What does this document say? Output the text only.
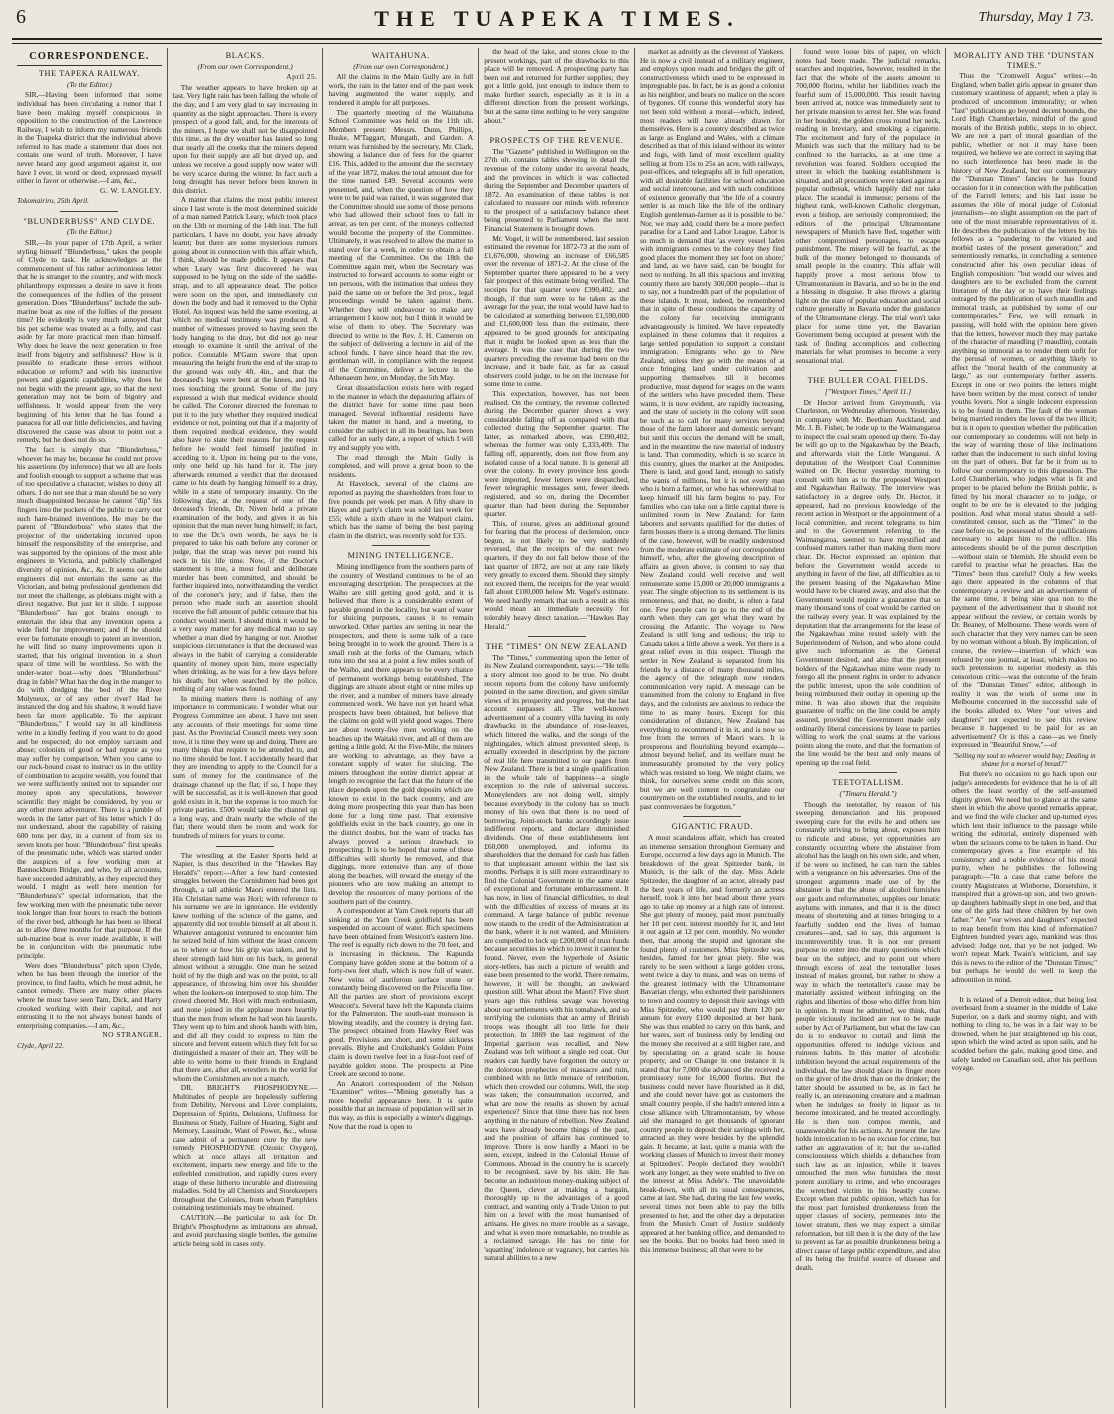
6	THE TUAPEKA TIMES.	Thursday, May 1 73.
CORRESPONDENCE.
THE TAPEKA RAILWAY.
(To the Editor.)

SIR,—Having been informed that some individual has been circulating a rumor that I have been making myself conspicuous in opposition to the construction of the Lawrence Railway, I wish to inform my numerous friends in the Tuapeka district that the individual above referred to has made a statement that does not contain one word of truth. Moreover, I have never heard any good argument against it, nor have I ever, in word or deed, expressed myself either in favor or otherwise.—I am, &c.,

G. W. LANGLEY.
Tokomairiro, 25th April.
"BLUNDERBUSS" AND CLYDE.
(To the Editor.)

SIR,—In your paper of 17th April, a writer styling himself "Blunderbuss," takes the people of Clyde to task. He acknowledges at the commencement of his rather acrimonious letter that he is stranger to the country, and with mock philanthropy expresses a desire to save it from the consequences of the follies of the present generation. Does "Blunderbuss" include the sub-marine boat as one of the follies of the present time? He evidently is very much annoyed that his pet scheme was treated as a folly, and cast aside by far more practical men than himself. Why does he leave the next generation to free itself from bigotry and selfishness? How is it possible to eradicate these errors without education or reform? and with his instructive powers and gigantic capabilities, why does he not begin with the present age, so that the next generation may not be born of bigotry and selfishness. It would appear from the very beginning of his letter that he has found a panacea for all our little deficiencies, and having discovered the cause was about to point out a remedy, but he does not do so.

The fact is simply that "Blunderbuss," whoever he may be, because he could not prove his assertions (by inference) that we all are fools and foolish enough to support a scheme that was of too speculative a character, wishes to deny all others. I do not see that a man should be so very much disappointed because he cannot "dip" his fingers into the pockets of the public to carry out such hare-brained inventions. He may be the parent of "Blunderbuss" who states that the projector of the undertaking incurred upon himself the responsibility of the enterprise, and was supported by the opinions of the most able engineers in Victoria, and publicly challenged diversity of opinion, &c., &c. It seems our able engineers did not entertain the same as the Victorian, and being professional gentlemen did not meet the challenge, as plebians might with a direct negative. But just let it slide. I suppose "Blunderbuss" has got brains enough to entertain the idea that any invention opens a wide field for improvement; and if he should ever be fortunate enough to patent an invention, he will find so many improvements upon it started, that his original invention in a short space of time will be worthless. So with the under-water boat—why does "Blunderbuss" drag in fable? What has the dog in the manger to do with dredging the bed of the River Molyneux, or of any other river? Had he instanced the dog and his shadow, it would have been far more applicable. To the aspirant "Blunderbuss," I would say in all kindliness write in a kindly feeling if you want to do good and be respected; do not employ sarcasm and abuse; colonists of good or bad repute as you may suffer by comparison. When you came to our rock-bound coast to instruct us in the utility of combination to acquire wealth, you found that we were sufficiently united not to squander our money upon any speculations, however scientific they might be considered, by you or any other mere adventurer. There is a jumble of words in the latter part of his letter which I do not understand, about the capability of raising 600 tons per day, in a current of from six to seven knots per hour. "Blunderbuss" first speaks of the pneumatic tube, which was started under the auspices of a few working men at Bannockburn Bridge, and who, by all accounts, have succeeded admirably, as they expected they would. I might as well here mention for "Blunderbuss's" special information, that the few working men with the pneumatic tube never took longer than four hours to reach the bottom of the river bed, although he has been so liberal as to allow three months for that purpose. If the sub-marine boat is ever made available, it will be in conjunction with the pneumatic tube principle.

Were does "Blunderbuss" pitch upon Clyde, when he has been through the interior of the province, to find faults, which he must admit, he cannot remedy. There are many other places where he must have seen Tam, Dick, and Harry crooked working with their capital, and not entrusting it to the not always honest hands of enterprising companies.—I am, &c.,

NO STRANGER.
Clyde, April 22.
BLACKS.
(From our own Correspondent.)
April 25.

The weather appears to have broken up at last. Very light rain has been falling the whole of the day, and I am very glad to say increasing in quantity as the night approaches. There is every prospect of a good fall, and, for the interests of the miners, I hope we shall not be disappointed this time, as the dry weather has lasted so long that nearly all the creeks that the miners depend upon for their supply are all but dryed up, and unless we receive a good supply now water will be very scarce during the winter. In fact such a long drought has never before been known in this district.

A matter that claims the most public interest since I last wrote is the most determined suicide of a man named Patrick Leary, which took place on the 13th or morning of the 14th inst. The full particulars, I have no doubt, you have already learnt; but there are some mysterious rumors going about in connection with this affair which, I think, should be made public. It appears that when Leary was first discovered he was supposed to be lying on the side of the saddle-strap, and to all appearance dead. The police were soon on the spot, and immediately cut down the body and had it removed to the Ophir Hotel. An inquest was held the same evening, at which no medical testimony was produced. A number of witnesses proved to having seen the body hanging to the dray, but did not go near enough to examine it until the arrival of the police. Constable M'Gann swore that upon measuring the height from the end of the strap to the ground was only 4ft. 4in., and that the deceased's legs were bent at the knees, and his toes touching the ground. Some of the jury expressed a wish that medical evidence should be called. The Coroner directed the foreman to put it to the jury whether they required medical evidence or not, pointing out that if a majority of them required medical evidence, they would also have to state their reasons for the request before he would feel himself justified in acceding to it. Upon its being put to the vote, only one held up his hand for it. The jury afterwards returned a verdict that the deceased came to his death by hanging himself to a dray, while in a state of temporary insanity. On the following day, at the request of one of the deceased's friends, Dr. Niven held a private examination of the body, and gives it as his opinion that the man never hung himself; in fact, to use the Dr.'s own words, he says he is prepared to take his oath before any coroner or judge, that the strap was never put round his neck in his life time. Now, if the Doctor's statement is true, a most foul and deliberate murder has been committed, and should be further inquired into, notwithstanding the verdict of the coroner's jury; and if false, then the person who made such an assertion should receive the full amount of public censure that his conduct would merit. I should think it would be a very easy matter for any medical man to say whether a man died by hanging or not. Another suspicious circumstance is that the deceased was always in the habit of carrying a considerable quantity of money upon him, more especially when drinking, as he was for a few days before his death; but when searched by the police, nothing of any value was found.

In mining matters there is nothing of any importance to communicate. I wonder what our Progress Committee are about. I have not seen any accounts of their meetings for some time past. As the Provincial Council meets very soon now, it is time they were up and doing. There are many things that require to be attended to, and no time should be lost. I accidentally heard that they are intending to apply to the Council for a sum of money for the continuance of the drainage channel up the flat; if so, I hope they will be successful, as it is well-known that good gold exists in it, but the expense is too much for private parties. £500 would take the channel up a long way, and drain nearly the whole of the flat; there would then be room and work for hundreds of miners for years to come.

The wrestling at the Easter Sports held at Napier, is thus described in the "Hawkes Bay Herald's" report:—After a few hard contested struggles between the Cornishmen had been got through, a tall athletic Maori entered the lists. His Christian name was Hori; with reference to his surname we are in ignorance. He evidently knew nothing of the science of the game, and apparently did not trouble himself at all about it. Whatever antagonist ventured to encounter him he seized hold of him without the least concern as to where or how his grip was taken, and by sheer strength laid him on his back, in general almost without a struggle. One man he seized hold of by the thigh and was on the point, to all appearance, of throwing him over his shoulder when the lookers-on interposed to stop him. The crowd cheered Mr. Hori with much enthusiasm, and none joined in the applause more heartily than the men from whom he had won his laurels. They went up to him and shook hands with him, and did all they could to express to him the sincere and fervent esteem which they felt for so distinguished a master of their art. They will be able to write home to their friends in England that there are, after all, wrestlers in the world for whom the Cornishmen are not a match.

DR. BRIGHT'S PHOSPHODYNE.—Multitudes of people are hopelessly suffering from Debility, Nervous and Liver complaints, Depression of Spirits, Delusions, Unfitness for Business or Study, Failure of Hearing, Sight and Memory, Lassitude, Want of Power, &c., whose case admit of a permanent cure by the new remedy PHOSPHODYNE (Ozonic Oxygen), which at once allays all irritation and excitement, imparts new energy and life to the enfeebled constitution, and rapidly cures every stage of these hitherto incurable and distressing maladies. Sold by all Chemists and Storekeepers throughout the Colonies, from whom Pamphlets containing testimonials may be obtained.

CAUTION.—Be particular to ask for Dr. Bright's Phosphodyne as imitations are abroad, and avoid purchasing single bottles, the genuine article being sold in cases only.

WAITAHUNA.
(From our own Correspondent.)

All the claims in the Main Gully are in full work, the rain in the latter end of the past week having augmented the water supply, and rendered it ample for all purposes.

The quarterly meeting of the Waitahuna School Committee was held on the 11th ult. Members present: Messrs. Dunn, Phillips, Buske, M'Taggart, Mungath, and Garden. A return was furnished by the secretary, Mr. Clark, showing a balance due of fees for the quarter £16. This, added to the amount due the secretary of the year 1872, makes the total amount due for the time named £49. Several accounts were presented, and, when the question of how they were to be paid was raised, it was suggested that the Committee should sue some of those persons who had allowed their school fees to fall in arrear, as ten per cent. of the moneys collected would become the property of the Committee. Ultimately, it was resolved to allow the matter to stand over for a week, in order to obtain a full meeting of the Committee. On the 18th the Committee again met, when the Secretary was instructed to forward accounts to some eight or ten persons, with the intimation that unless they paid the same on or before the 3rd prox., legal proceedings would be taken against them. Whether they will endeavour to make any arrangement I know not; but I think it would be wise of them to obey. The Secretary was directed to write to the Rev. J. H. Cameron on the subject of delivering a lecture in aid of the school funds. I have since heard that the rev. gentleman will, in compliance with the request of the Committee, deliver a lecture in the Athenaeum here, on Monday, the 5th May.

Great dissatisfaction exists here with regard to the manner in which the depasturing affairs of the district have for some time past been managed. Several influential residents have taken the matter in hand, and a meeting, to consider the subject in all its bearings, has been called for an early date, a report of which I will try and supply you with.

The road through the Main Gully is completed, and will prove a great boon to the residents.

At Havelock, several of the claims are reported as paying the shareholders from four to five pounds per week per man. A fifty share in Hayes and party's claim was sold last week for £55; while a sixth share in the Walpori claim, which has the name of being the best paying claim in the district, was recently sold for £35.

MINING INTELLIGENCE.

Mining intelligence from the southern parts of the country of Westland continues to be of an encouraging description. The prospectors at the Waiho are still getting good gold, and it is believed that there is a considerable extent of payable ground in the locality, but want of water for sluicing purposes, causes it to remain unworked. Other parties are setting in near the prospectors, and there is some talk of a race being brought in to work the ground. There is a small rush at the forks of the Oamaru, which runs into the sea at a point a few miles south of the Waiho, and there appears to be every chance of permanent workings being established. The diggings are situate about eight or nine miles up the river, and a number of miners have already commenced work. We have not yet heard what prospects have been obtained, but believe that the claims on gold will yield good wages. There are about twenty-five men working on the beaches up the Waitaki river, and all of them are getting a little gold. At the Five-Mile, the miners are working to advantage, as they have a constant supply of water for sluicing. The miners throughout the entire district appear at length to recognise the fact that the future of the place depends upon the gold deposits which are known to exist in the back country, and are doing more prospecting this year than has been done for a long time past. That extensive goldfields exist in the back country, go one in the district doubts, but the want of tracks has always proved a serious drawback to prospecting. It is to be hoped that some of these difficulties will shortly be removed, and that diggings, more extensive than any of those along the beaches, will reward the energy of the pioneers who are now making an attempt to develop the resources of many portions of the southern part of the country.

A correspondent at Yam Creek reports that all sinking at the Yam Creek goldfield has been suspended on account of water. Rich specimens have been obtained from Westcott's eastern line. The reef is equally rich down to the 70 feet, and is increasing in thickness. The Kapunda Company have golden stone at the bottom of a forty-two feet shaft, which is now full of water. New veins of auriferous surface stone or constantly being discovered on the Priscella line. All the parties are short of provisions except Westcott's. Several have left the Kapunda claims for the Palmerston. The south-east monsoon is blowing steadily, and the country is drying fast. The prospect obtained from Hawley Reef was good. Provisions are short, and some sickness prevails. Blyhe and Cruikshank's Golden Point claim is down twelve feet in a four-foot reef of payable golden stone. The prospects at Pine Creek are second to none.

An Anatori correspondent of the Nelson "Examiner" writes—"Mining generally has a more hopeful appearance here. It is quite possible that an increase of population will set in this way, as this is especially a winter's diggings. Now that the road is open to

the head of the lake, and stores close to the present workings, part of the drawbacks to this place will be removed. A prospecting party has been out and returned for further supplies; they got a little gold, just enough to induce them to make further search, especially as it is in a different direction from the present workings, but at the same time nothing to be very sanguine about."

PROSPECTS OF THE REVENUE.

The "Gazette" published in Wellington on the 27th ult. contains tables showing in detail the revenue of the colony under its several heads, and the provinces in which it was collected during the September and December quarters of 1872. An examination of these tables is not calculated to reassure our minds with reference to the prospect of a satisfactory balance sheet being presented to Parliament when the next Financial Statement is brought down.

Mr. Vogel, it will be remembered, last session estimated the revenue for 1872-73 at the sum of £1,676,000, showing an increase of £66,585 over the revenue of 1871-2. At the close of the September quarter there appeared to be a very fair prospect of this estimate being verified. The receipts for that quarter were £390,402, and though, if that sum were to be taken as the average for the year, the total would have had to be calculated at something between £1,590,000 and £1,600,000 less than the estimate, there appeared to be good grounds for anticipating that it might be looked upon as less than the average. It was the case that during the two quarters preceding the revenue had been on the increase, and it bade fair, as far as casual observers could judge, to be on the increase for some time to come.

This expectation, however, has not been realised. On the contrary, the revenue collected during the December quarter shows a very considerable falling off as compared with that collected during the September quarter. The latter, as remarked above, was £390,402, whereas the former was only £,333,409. The falling off, apparently, does not flow from any isolated cause of a local nature. It is general all over the colony. In every province less goods were imported, fewer letters were despatched, fewer telegraphic messages sent, fewer deeds registered, and so on, during the December quarter than had been during the September quarter.

This, of course, gives an additional ground for fearing that the process of declension, once begun, is not likely to be very suddenly reversed, that the receipts of the next two quarters, if they do not fall below those of the last quarter of 1872, are not at any rate likely very greatly to exceed them. Should they simply not exceed them, the receipts for the year would fall about £100,000 below Mr. Vogel's estimate. We need hardly remark that such a result as this would mean an immediate necessity for tolerably heavy direct taxation.—"Hawkes Bay Herald."

THE "TIMES" ON NEW ZEALAND

The "Times," commenting upon the letter of its New Zealand correspondent, says:—"He tells a story almost too good to be true. No doubt recent reports from the colony have uniformly pointed in the same direction, and given similar views of its prosperity and progress, but the last account surpasses all. The well-known advertisement of a country villa having its only drawbacks in the abundance of rose-leaves, which littered the walks, and the songs of the nightingales, which almost prevented sleep, is actually exceeded in description by the picture of real life here transmitted to our pages from New Zealand. There is but a single qualification in the whole tale of happiness—a single exception to the rule of universal success. Moneylenders are not doing well, simply because everybody in the colony has so much money of his own that there is no need of borrowing. Joint-stock banks accordingly issue indifferent reports, and declare diminished dividends. One of these establishments lent £60,000 unemployed, and informs its shareholders that the demand for cash has fallen to that unpleasant amount within the last six months. Perhaps it is still more extraordinary to find the Colonial Government in the same state of exceptional and fortunate embarrassment. It has now, in lieu of financial difficulties, to deal with the difficulties of excess of means at its command. A large balance of public revenue now stands to the credit of the Administration at the bank, where it is not wanted, and Ministers are compelled to lock up £200,000 of trust funds because securities in which to invest it cannot be found. Never, even the hyperbole of Asiatic story-tellers, has such a picture of wealth and ease been presented to the world. There remains, however, it will be thought, an awkward question still. What about the Maori? Five short years ago this ruthless savage was hovering about our settlements with his tomahawk, and so terrifying the colonists that an army of British troops was thought all too little for their protection. In 1869 the last regiment of the Imperial garrison was recalled, and New Zealand was left without a single red coat. Our readers can hardly have forgotten the outcry or the dolorous prophecies of massacre and ruin, combined with no little menace of retribution, which then crowded our columns. Well, the step was taken; the consummation occurred, and what are now the results as shown by actual experience? Since that time there has not been anything in the nature of rebellion. New Zealand wars have already become things of the past, and the position of affairs has continued to improve. There is now hardly a Maori to be seen, except, indeed in the Colonial House of Commons. Abroad in the country he is scarcely to be recognised, save by his skin. He has become an industrious money-making subject of the Queen, clever at making a bargain, thoroughly up to the advantages of a good contract, and wanting only a Trade Union to put him on a level with the most humanised of artisans. He gives no more trouble as a savage, and what is even more remarkable, no trouble as a reclaimed savage. He has no time for 'squatting' indolence or vagrancy, but carries his natural abilities to a new

market as adroitly as the cleverest of Yankees. He is now a civil instead of a military engineer, and employs upon roads and bridges the gift of constructiveness which used to be expressed in impregnable pas. In fact, he is as good a colonist as his neighbor, and bears no malice on the score of bygones. Of course this wonderful story has not been told without a moral—which, indeed, most readers will have already drawn for themselves. Here is a country described as twice as large as England and Wales, with a climate described as that of this island without its winter and fogs, with land of most excellent quality selling at from 15s to 25s an acre, with railways, post-offices, and telegraphs all in full operation, with all desirable facilities for school education and social intercourse, and with such conditions of existence generally that 'the life of a country settler is as much like the life of the ordinary English gentleman-farmer as it is possible to be.' Nor, we may add, could there be a more perfect paradise for a Land and Labor League. Labor is so much in demand that 'as every vessel laden with immigrants comes to the colony they find good places the moment they set foot on shore;' and land, as we have said, can be bought for next to nothing. In all this spacious and inviting country there are barely 300,000 people—that is to say, not a hundredth part of the population of these islands. It must, indeed, be remembered that in spite of these conditions the capacity of the colony for receiving immigrants advantageously is limited. We have repeatedly explained in these columns that it requires a large settled population to support a constant immigration. Emigrants who go to New Zealand, unless they go with the means of at once bringing land under cultivation and supporting themselves till it becomes productive, must depend for wages on the wants of the settlers who have preceded them. These wants, it is now evident, are rapidly increasing, and the state of society in the colony will soon be such as to call for many services beyond those of the farm laborer and domestic servant; but until this occurs the demand will be small, and in the meantime the raw material of industry is land. That commodity, which is so scarce in this country, glues the market at the Antipodes. There is land, and good land, enough to satisfy the wants of millions, but it is not every man who is born a farmer, or who has wherewithal to keep himself till his farm begins to pay. For families who can take out a little capital there is unlimited room in New Zealand; for farm laborers and servants qualified for the duties of farm houses there is a strong demand. The limits of the case, however, will be readily understood from the moderate estimate of our correspondent himself, who, after the glowing description of affairs as given above, is content to say that New Zealand could well receive and well remunerate some 15,000 or 20,000 immigrants a year. The single objection to its settlement is its remoteness, and that, no doubt, is often a fatal one. Few people care to go to the end of the earth when they can get what they want by crossing the Atlantic. The voyage to New Zealand is still long and tedious; the trip to Canada takes a little above a week. Yet there is a great relief even in this respect. Though the settler in New Zealand is separated from his friends by a distance of many thousand miles, the agency of the telegraph now renders communication very rapid. A message can be transmitted from the colony to England in five days, and the colonists are anxious to reduce the time to as many hours. Except for this consideration of distance, New Zealand has everything to recommend it in it, and is now so free from the terrors of Maori wars. It is prosperous and flourishing beyond example—almost beyond belief, and its welfare must be immeasurably promoted by the very policy which was resisted so long. We might claim, we think, for ourselves some credit on this score, but we are well content to congratulate our countrymen on the established results, and to let past controversies be forgotten."

GIGANTIC FRAUD.

A most scandalous affair, which has created an immense sensation throughout Germany and Europe, occurred a few days ago in Munich. The breakdown of the great Spitzeder bank, in Munich, is the talk of the day. Miss Adele Spitzeder, the daughter of an actor, already past the best years of life, and formerly an actress herself, took it into her head about three years ago to take up money at a high rate of interest. She got plenty of money, paid most punctually her 10 per cent. interest monthly for it, and lent it out again at 12 per cent. monthly. No wonder then, that among the stupid and ignorant she found plenty of customers. Miss Spitzeder was, besides, famed for her great piety. She was rarely to be seen without a large golden cross, went twice a day to mass, and was on terms of the greatest intimacy with the Ultramontane Bavarian clergy, who exhorted their parishioners to town and country to deposit their savings with Miss Spitzeder, who would pay them 120 per annum for every £100 deposited at her bank. She was thus enabled to carry on this bank, and her wares, sort of business only by lending out the money she received at a still higher rate, and by speculating on a grand scale in house property, and on Change in one instance it is stated that for 7,000 she advanced she received a promissory note for 16,000 florins. But the business could never have flourished as it did, and she could never have got as customers the small country people, if she hadn't entered into a close alliance with Ultramontanism, by whose aid she managed to get thousands of ignorant country people to deposit their savings with her, attracted as they were besides by the splendid gain. It became, at last, quite a mania with the working classes of Munich to invest their money at Spitzeders'. People declared they wouldn't work any longer, as they were enabled to live on the interest at Miss Adele's. The unavoidable break-down, with all its usual consequences, came at last. She had, during the last few weeks, several times not been able to pay the bills presented to her, and the other day a deputation from the Munich Court of Justice suddenly appeared at her banking office, and demanded to see the books. But no books had been used in this immense business; all that were to be

found were loose bits of paper, on which notes had been made. The judicial remarks, searches and inquiries, however, resulted in the fact that the whole of the assets amount to 700,000 florins, whilst her liabilities reach the fearful sum of 15,000,000. This result having been arrived at, notice was immediately sent to her private mansion to arrest her. She was found in her boudoir, the golden cross round her neck, reading in breviary, and smoking a cigarette. The excitement and fury of the populace in Munich was such that the military had to be confined to the barracks, as at one time a revolution was feared. Soldiers occupied the street in which the banking establishment is situated, and all precautions were taken against a popular outbreak, which happily did not take place. The scandal is immense; persons of the highest rank, well-known Catholic clergyman, even a bishop, are seriously compromised; the editors of the principal Ultramontane newspapers of Munich have fled, together with other compromised personages, to escape punishment. The misery will be fearful, as the bulk of the money belonged to thousands of small people in the country. This affair will happily prove a most serious blow to Ultramontanism in Bavaria, and so be in the end a blessing in disguise. It also throws a glaring light on the state of popular education and social culture generally in Bavaria under the guidance of the Ultramontane clergy. The trial won't take place for some time yet, the Bavarian Government being occupied at present with the task of finding accomplices and collecting materials for what promises to become a very sensational trial.

THE BULLER COAL FIELDS.
["Westport Times," April 11.]

Dr Hector arrived from Greymouth, via Charleston, on Wednesday afternoon. Yesterday, in company with Mr. Beetham Auckland, and Mr. J. B. Fisher, he rode up to the Waimangaroa to inspect the coal seam opened up there. To-day he will go up to the Ngakawhau by the Beach, and afterwards visit the Little Wanganui. A deputation of the Westport Coal Committee waited on Dr. Hector yesterday morning to consult with him as to the proposed Westport and Ngakawhau Railway. The interview was satisfactory in a degree only. Dr. Hector, it appeared, had no previous knowledge of the recent action in Westport or the appointment of a local committee, and recent telegrams to him and to the Government referring to the Waimangaroa, seemed to have mystified and confused matters rather than making them more clear. Dr. Hector expressed an opinion that before the Government would accede to anything in favor of the line, all difficulties as to the present leasing of the Ngakawhau Mine would have to be cleared away, and also that the Government would require a guarantee that so many thousand tons of coal would be carried on the railway every year. It was explained by the deputation that the arrangements for the lease of the Ngakawhau mine rested solely with the Superintendent of Nelson, and who alone could give such information as the General Government desired, and also that the present holders of the Ngakawhau mine were ready to forego all the present rights in order to advance the public interest, upon the sole condition of being reimbursed their outlay in opening up the mine. It was also shown that the requisite guarantee of traffic on the line could be amply assured, provided the Government made only ordinarily liberal concessions by lease to parties willing to work the coal seams at the various points along the route, and that the formation of the line would be the best and only means of opening up the coal field.

TEETOTALLISM.
("Timaru Herald.")

Though the teetotaller, by reason of his sweeping denunciation and his proposed sweeping cure for the evils he and others see constantly striving to bring about, exposes him to ridicule and abuse, yet opportunities are constantly occurring where the abstainer from alcohol has the laugh on his own side, and when, if he were so inclined, he can turn the tables with a vengeance on his adversaries. One of the strongest arguments made use of by the abstainer is that the abuse of alcohol furnishes our gaols and reformatories, supplies our lunatic asylums with inmates, and that it is the direct means of shortening and at times bringing to a fearfully sudden end the lives of human creatures—and, sad to say, this argument is incontrovertibly true. It is not our present purpose to enter into the many questions which bear on the subject, and to point out where through excess of zeal the teetotaller loses instead of makes ground, but rather to show a way in which the teetotaller's cause may be materially assisted without infringing on the rights and liberties of those who differ from him in opinion. It must be admitted, we think, that people viciously inclined are not to be made sober by Act of Parliament, but what the law can do is to endeavor to curtail and limit the opportunities offered to indulge vicious and ruinous habits. In this matter of alcoholic inhibition beyond the actual requirements of the individual, the law should place its finger more on the giver of the drink than on the drinker; the latter should be assumed to be, as in fact he really is, an unreasoning creature and a madman when he indulges so freely in liquor as to become intoxicated, and be treated accordingly. He is then non compos mentis, and unanswerable for his actions. At present the law holds intoxication to be no excuse for crime, but rather an aggravation of it; but the so-called consciousness which shields a debauchee from such law as an injustice, while it leaves untouched the men who furnishes the most potent auxiliary to crime, and who encourages the wretched victim in his beastly course. Except when that public opinion, which has for the most part furnished drunkenness from the upper classes of society, permeates into the lower stratum, then we may expect a similar reformation, but till then it is the duty of the law to prevent as far as possible drunkenness being a direct cause of large public expenditure, and also of its being the fruitful source of disease and death.

MORALITY AND THE "DUNSTAN TIMES."

Thus the "Cromwell Argus" writes:—In England, when ballet girls appear in greater than customary scantiness of apparel; when a play is produced of uncommon immorality; or when "fast" publications go beyond decent bounds, the Lord High Chamberlain, mindful of the good morals of the British public, steps in to object. We are not a part of moral guardian of the public, whether or not it may have been required, we believe we are correct in saying that no such interference has been made in the history of New Zealand, but our contemporary the "Dunstan Times" fancies he has found occasion for it in connection with the publication of the Farrell letters; and his last issue he assumes the rôle of moral judge of Colonial journalism—no slight assumption on the part of one of the most miserable representatives of it. He describes the publication of the letters by his fellows as a "pandering to the vitiated and morbid tastes of the present generation;" and sententiously remarks, in concluding a sentence constructed after his own peculiar ideas of English composition: "but would our wives and daughters are to be excluded from the current literature of the day or to have their feelings outraged by the publication of such maudlin and immoral trash, as published by some of our contemporaries." Few, we will remark in passing, will hold with the opinion here given that the letters, however much they may partake of the character of maudling (? maudlin), contain anything so immoral as to render them unfit for the perusal of women, or anything likely to affect the "moral health of the community at large," as our contemporary further asserts. Except in one or two points the letters might have been written by the most correct of tender youths lovers. Not a single indecent expression is to be found in them. The fault of the woman being married renders the loves of the two illicit; but is it open to question whether the publication our contemporary so condemns will not help in the way of warning those of like inclinations rather than the inducement to such sinful loving on the part of others. But far be it from us to follow our contemporary to this digression. The Lord Chamberlain, who judges what is fit and proper to be placed before the British public, is fitted by his moral character so to judge, or ought to be ere he is elevated to the judging position. And what moral status should a self-constituted censor, such as the "Times" in the case before us, be possessed of the qualifications necessary to adapt him to the office. His antecedents should be of the purest description—without stain or blemish. He should even be careful to practise what he preaches. Has the "Times" been thus careful? Only a few weeks ago there appeared in the columns of that contemporary a review and an advertisement of the same time, it being sine qua non to the payment of the advertisement that it should not appear without the review, or certain words by Dr. Beaney, of Melbourne. These words were of such character that they very names can be seen by no woman without a blush. By implication, of course, the review—insertion of which was refused by one journal, at least, which makes no such pretensions to superior modesty as this censorious critic—was the outcome of the brain of the "Dunstan Times" editor, although in reality it was the work of some one in Melbourne concerned in the successful sale of the books alluded to. Were "our wives and daughters" not expected to see this review because it happened to be paid for as an advertisement? Or is this a case—as we finely expressed in "Beautiful Snow,"—of

"Selling my soul to whoever would buy; Dealing in shame for a morsel of bread?"

But there's no occasion to go back upon our judge's antecedents for evidence that he is of all others the least worthy of the self-assumed dignity given. We need but to glance at the same sheet in which the above quoted remarks appear, and we find the wife clucker and up-turned eyes which lent their influence to the passage while writing the editorial, entirely dispensed with when the scissors come to be taken in hand. Our contemporary gives a fine example of his consistency and a noble evidence of his moral purity, when he publishes the following paragraph:—"In a case that came before the county Magistrates at Winborne, Dorsetshire, it transpired that a grown-up son, and two grown-up daughters habitually slept in one bed, and that one of the girls had three children by her own father." Are "our wives and daughters" expected to reap benefit from this kind of information? Eighteen hundred years ago, mankind was thus advised: Judge not, that ye be not judged. We won't repeat Mark Twain's witticism, and say this is news to the editor of the "Dunstan Times;" but perhaps he would do well to keep the admonition in mind.

It is related of a Detroit editor, that being lost overboard from a steamer in the middle of Lake Superior, on a dark and stormy night, and with nothing to cling to, he was in a fair way to be drowned, when he just straightened up his coat, upon which the wind acted as upon sails, and he scudded before the gale, making good time, and safely landed on Canadian soil, after his perilous voyage.
